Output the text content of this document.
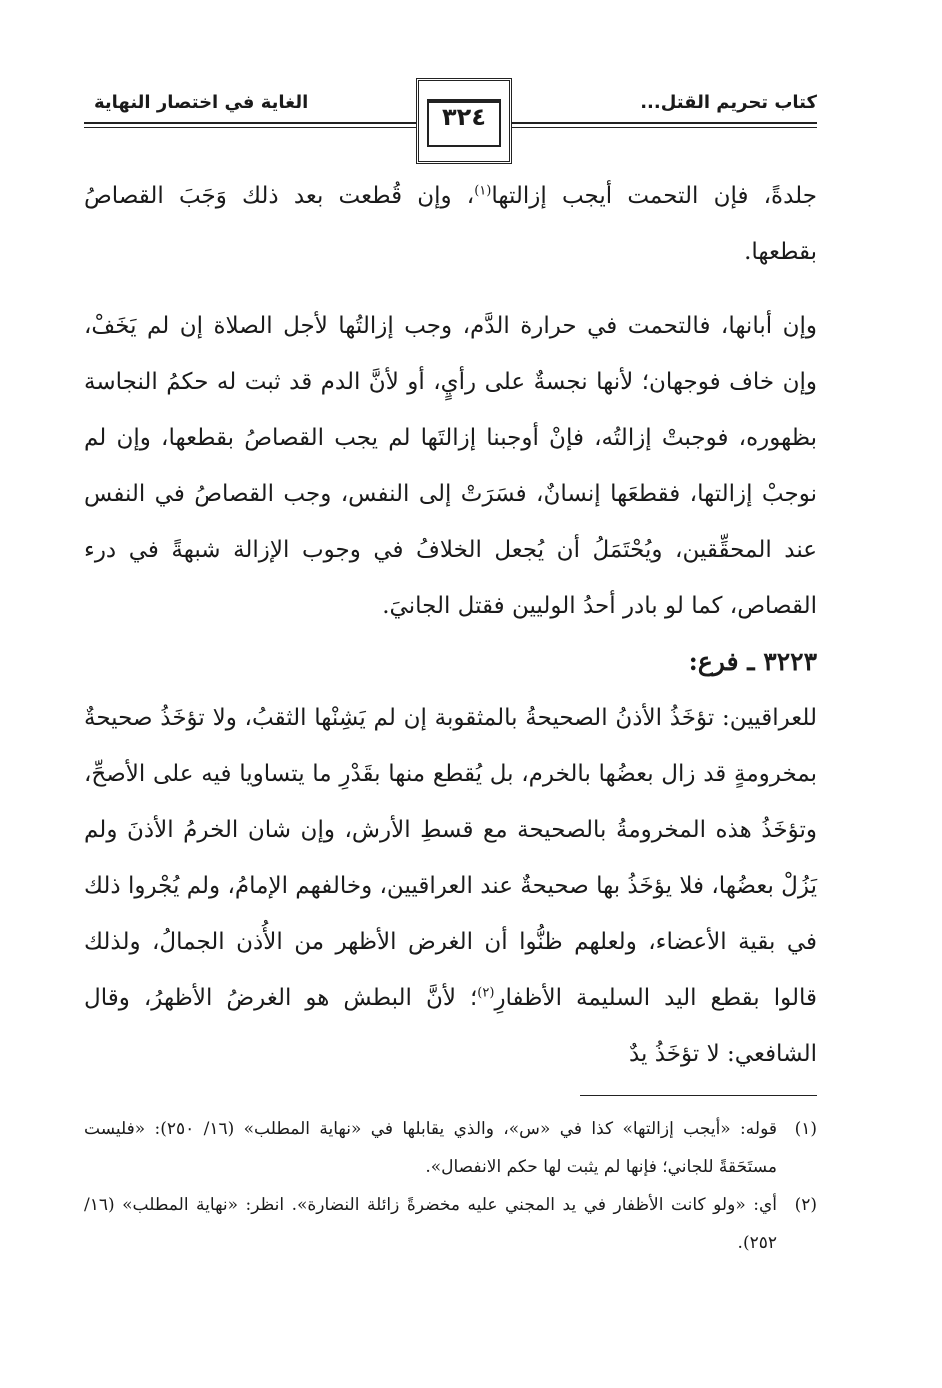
الغاية في اختصار النهاية	كتاب تحريم القتل...
٣٢٤

جلدةً، فإن التحمت أيجب إزالتها$^{(١)}$، وإن قُطعت بعد ذلك وَجَبَ القصاصُ بقطعها.

وإن أبانها، فالتحمت في حرارة الدَّم، وجب إزالتُها لأجل الصلاة إن لم يَخَفْ، وإن خاف فوجهان؛ لأنها نجسةٌ على رأيٍ، أو لأنَّ الدم قد ثبت له حكمُ النجاسة بظهوره، فوجبتْ إزالتُه، فإنْ أوجبنا إزالتَها لم يجب القصاصُ بقطعها، وإن لم نوجبْ إزالتها، فقطعَها إنسانٌ، فسَرَتْ إلى النفس، وجب القصاصُ في النفس عند المحقِّقين، ويُحْتَمَلُ أن يُجعل الخلافُ في وجوب الإزالة شبهةً في درء القصاص، كما لو بادر أحدُ الوليين فقتل الجانيَ.

٣٢٢٣ ـ فرع:

للعراقيين: تؤخَذُ الأذنُ الصحيحةُ بالمثقوبة إن لم يَشِنْها الثقبُ، ولا تؤخَذُ صحيحةٌ بمخرومةٍ قد زال بعضُها بالخرم، بل يُقطع منها بقَدْرِ ما يتساويا فيه على الأصحِّ، وتؤخَذُ هذه المخرومةُ بالصحيحة مع قسطِ الأرش، وإن شان الخرمُ الأذنَ ولم يَزُلْ بعضُها، فلا يؤخَذُ بها صحيحةٌ عند العراقيين، وخالفهم الإمامُ، ولم يُجْروا ذلك في بقية الأعضاء، ولعلهم ظنُّوا أن الغرض الأظهر من الأُذن الجمالُ، ولذلك قالوا بقطع اليد السليمة الأظفارِ$^{(٢)}$؛ لأنَّ البطش هو الغرضُ الأظهرُ، وقال الشافعي: لا تؤخَذُ يدٌ

(١)
قوله: «أيجب إزالتها» كذا في «س»، والذي يقابلها في «نهاية المطلب» (١٦/ ٢٥٠): «فليست مستَحَقةً للجاني؛ فإنها لم يثبت لها حكم الانفصال».
(٢)
أي: «ولو كانت الأظفار في يد المجني عليه مخضرةً زائلة النضارة». انظر: «نهاية المطلب» (١٦/ ٢٥٢).
